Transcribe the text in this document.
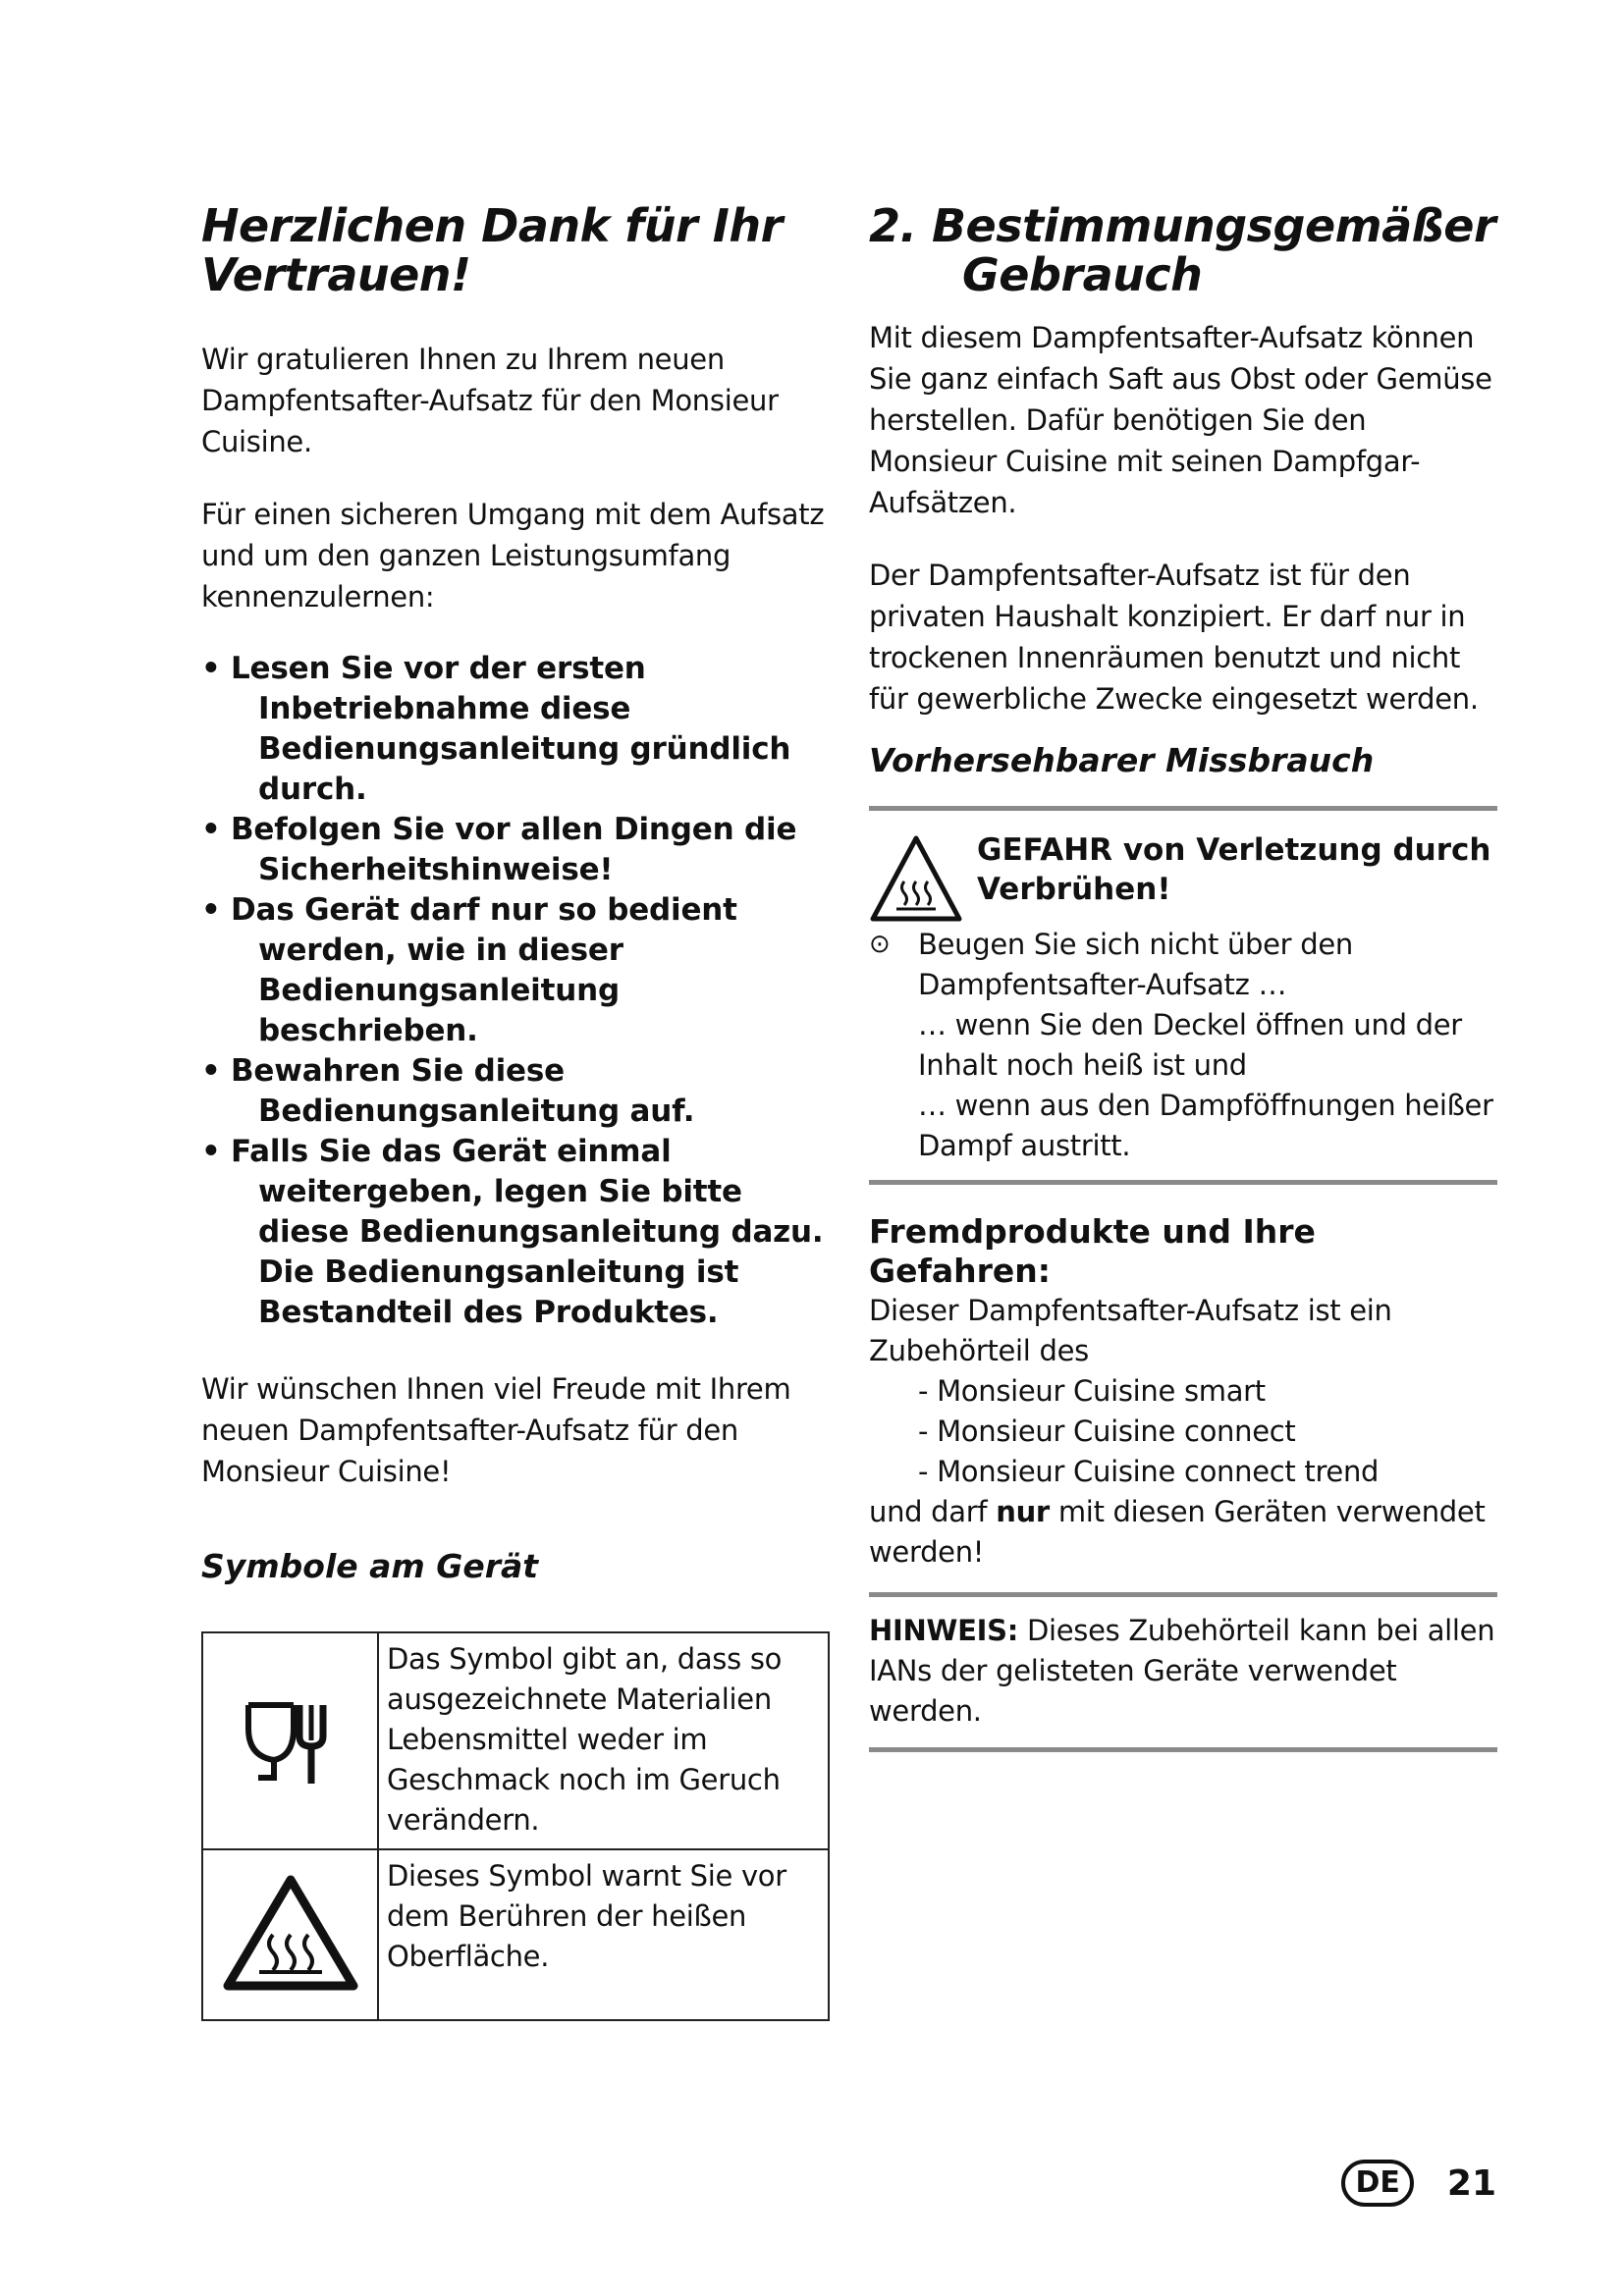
Herzlichen Dank für Ihr
Vertrauen!

Wir gratulieren Ihnen zu Ihrem neuen Dampfentsafter-Aufsatz für den Monsieur Cuisine.

Für einen sicheren Umgang mit dem Aufsatz und um den ganzen Leistungsumfang kennenzulernen:

• Lesen Sie vor der ersten Inbetriebnahme diese Bedienungsanleitung gründlich durch.
• Befolgen Sie vor allen Dingen die Sicherheitshinweise!
• Das Gerät darf nur so bedient werden, wie in dieser Bedienungsanleitung beschrieben.
• Bewahren Sie diese Bedienungsanleitung auf.
• Falls Sie das Gerät einmal weitergeben, legen Sie bitte diese Bedienungsanleitung dazu. Die Bedienungsanleitung ist Bestandteil des Produktes.

Wir wünschen Ihnen viel Freude mit Ihrem neuen Dampfentsafter-Aufsatz für den Monsieur Cuisine!

Symbole am Gerät
	Das Symbol gibt an, dass so ausgezeichnete Materialien Lebensmittel weder im Geschmack noch im Geruch verändern.
	Dieses Symbol warnt Sie vor dem Berühren der heißen Oberfläche.
2. Bestimmungsgemäßer
Gebrauch

Mit diesem Dampfentsafter-Aufsatz können Sie ganz einfach Saft aus Obst oder Gemüse herstellen. Dafür benötigen Sie den Monsieur Cuisine mit seinen Dampfgar-Aufsätzen.

Der Dampfentsafter-Aufsatz ist für den privaten Haushalt konzipiert. Er darf nur in trockenen Innenräumen benutzt und nicht für gewerbliche Zwecke eingesetzt werden.

Vorhersehbarer Missbrauch
GEFAHR von Verletzung durch Verbrühen!
⊙ Beugen Sie sich nicht über den Dampfentsafter-Aufsatz …
… wenn Sie den Deckel öffnen und der Inhalt noch heiß ist und
… wenn aus den Dampföffnungen heißer Dampf austritt.
Fremdprodukte und Ihre Gefahren:
Dieser Dampfentsafter-Aufsatz ist ein Zubehörteil des
- Monsieur Cuisine smart
- Monsieur Cuisine connect
- Monsieur Cuisine connect trend
und darf nur mit diesen Geräten verwendet werden!
HINWEIS: Dieses Zubehörteil kann bei allen IANs der gelisteten Geräte verwendet werden.
DE	21
